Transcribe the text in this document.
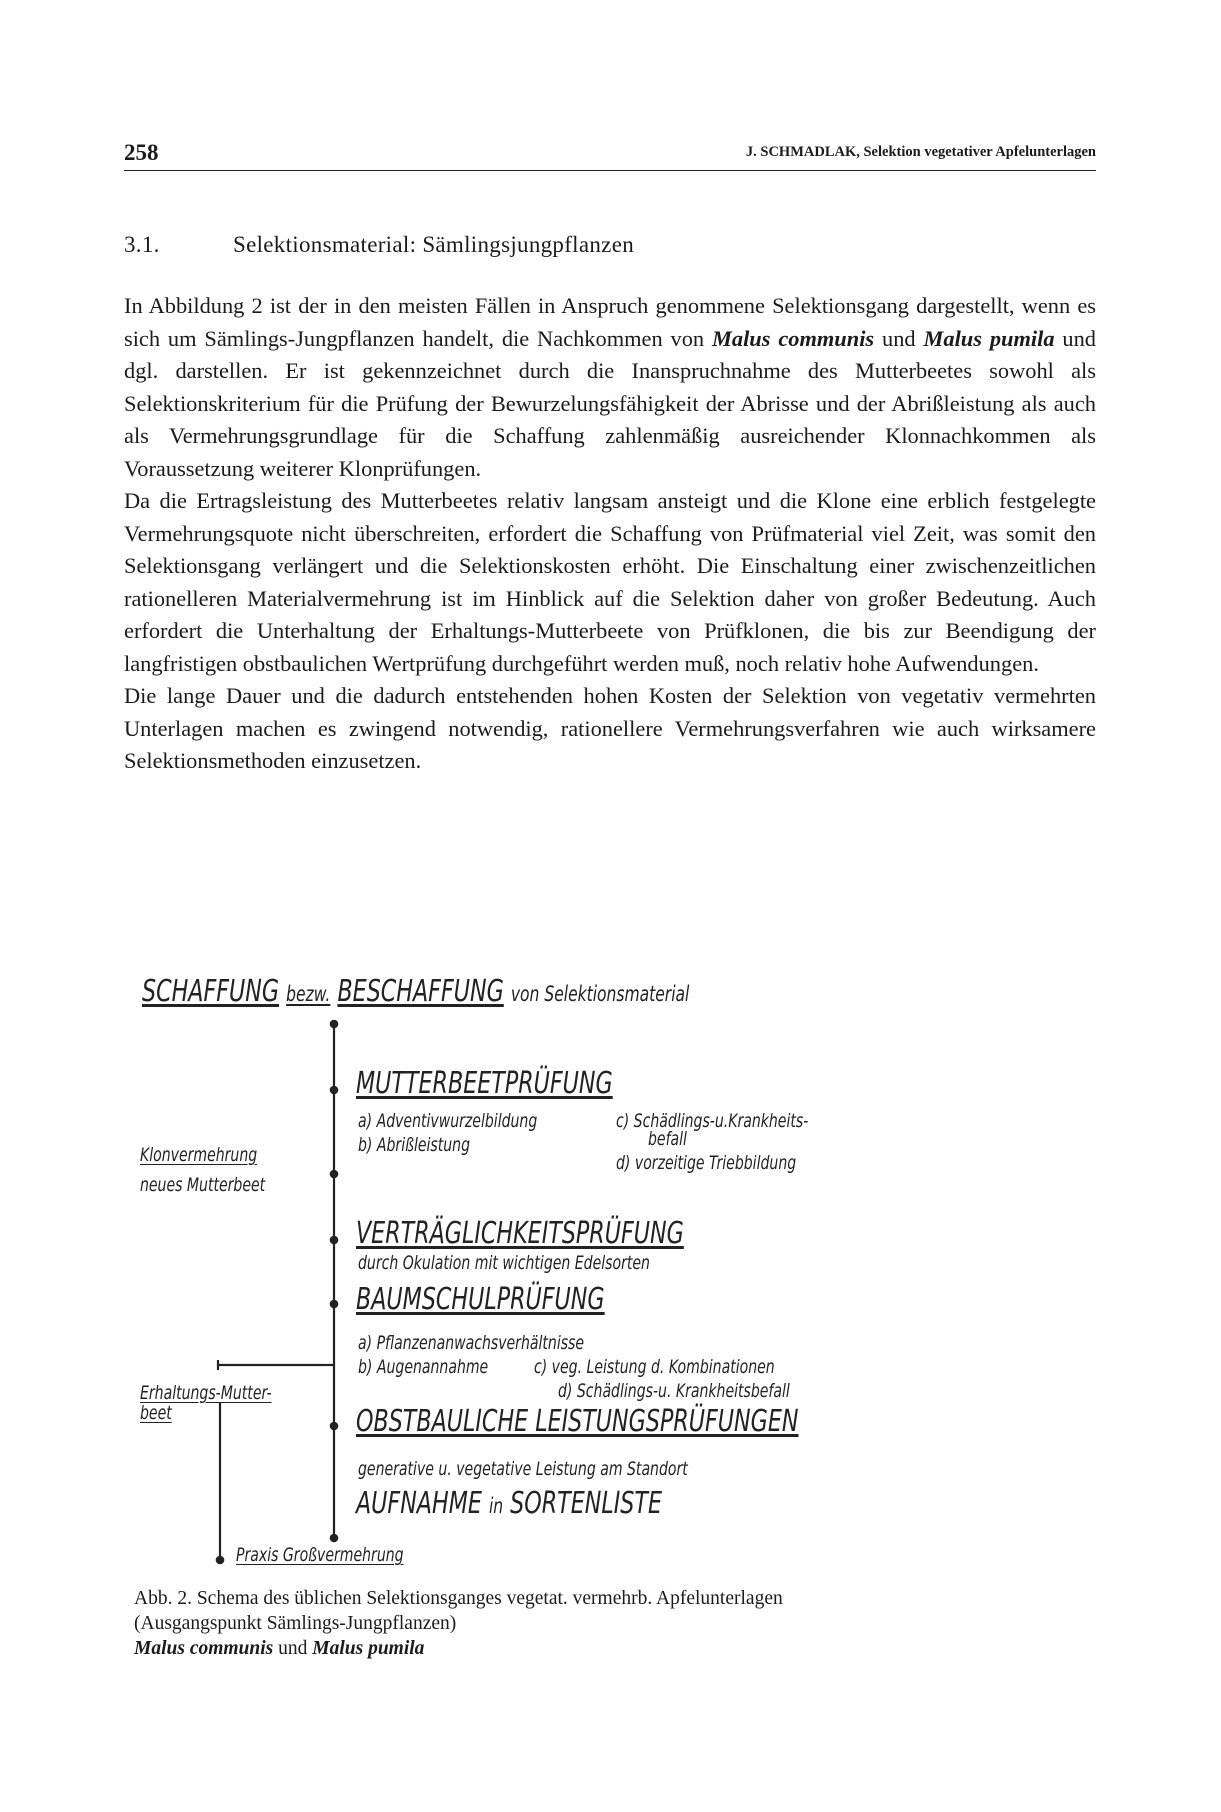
258	J. SCHMADLAK, Selektion vegetativer Apfelunterlagen
3.1.	Selektionsmaterial: Sämlingsjungpflanzen

In Abbildung 2 ist der in den meisten Fällen in Anspruch genommene Selektionsgang dargestellt, wenn es sich um Sämlings-Jungpflanzen handelt, die Nachkommen von Malus communis und Malus pumila und dgl. darstellen. Er ist gekennzeichnet durch die Inanspruchnahme des Mutterbeetes sowohl als Selektionskriterium für die Prüfung der Bewurzelungsfähigkeit der Abrisse und der Abrißleistung als auch als Vermehrungsgrundlage für die Schaffung zahlenmäßig ausreichender Klonnachkommen als Voraussetzung weiterer Klonprüfungen.

Da die Ertragsleistung des Mutterbeetes relativ langsam ansteigt und die Klone eine erblich festgelegte Vermehrungsquote nicht überschreiten, erfordert die Schaffung von Prüfmaterial viel Zeit, was somit den Selektionsgang verlängert und die Selektionskosten erhöht. Die Einschaltung einer zwischenzeitlichen rationelleren Materialvermehrung ist im Hinblick auf die Selektion daher von großer Bedeutung. Auch erfordert die Unterhaltung der Erhaltungs-Mutterbeete von Prüfklonen, die bis zur Beendigung der langfristigen obstbaulichen Wertprüfung durchgeführt werden muß, noch relativ hohe Aufwendungen.

Die lange Dauer und die dadurch entstehenden hohen Kosten der Selektion von vegetativ vermehrten Unterlagen machen es zwingend notwendig, rationellere Vermehrungsverfahren wie auch wirksamere Selektionsmethoden einzusetzen.

SCHAFFUNG bezw. BESCHAFFUNG von Selektionsmaterial
MUTTERBEETPRÜFUNG
a) Adventivwurzelbildung
b) Abrißleistung
c) Schädlings-u.Krankheits-
befall
d) vorzeitige Triebbildung
Klonvermehrung
neues Mutterbeet
VERTRÄGLICHKEITSPRÜFUNG
durch Okulation mit wichtigen Edelsorten
BAUMSCHULPRÜFUNG
a) Pflanzenanwachsverhältnisse
b) Augenannahme c) veg. Leistung d. Kombinationen
d) Schädlings-u. Krankheitsbefall
Erhaltungs-Mutter-
beet	OBSTBAULICHE LEISTUNGSPRÜFUNGEN
generative u. vegetative Leistung am Standort
AUFNAHME in SORTENLISTE
Praxis Großvermehrung
Abb. 2. Schema des üblichen Selektionsganges vegetat. vermehrb. Apfelunterlagen
(Ausgangspunkt Sämlings-Jungpflanzen)
Malus communis und Malus pumila
